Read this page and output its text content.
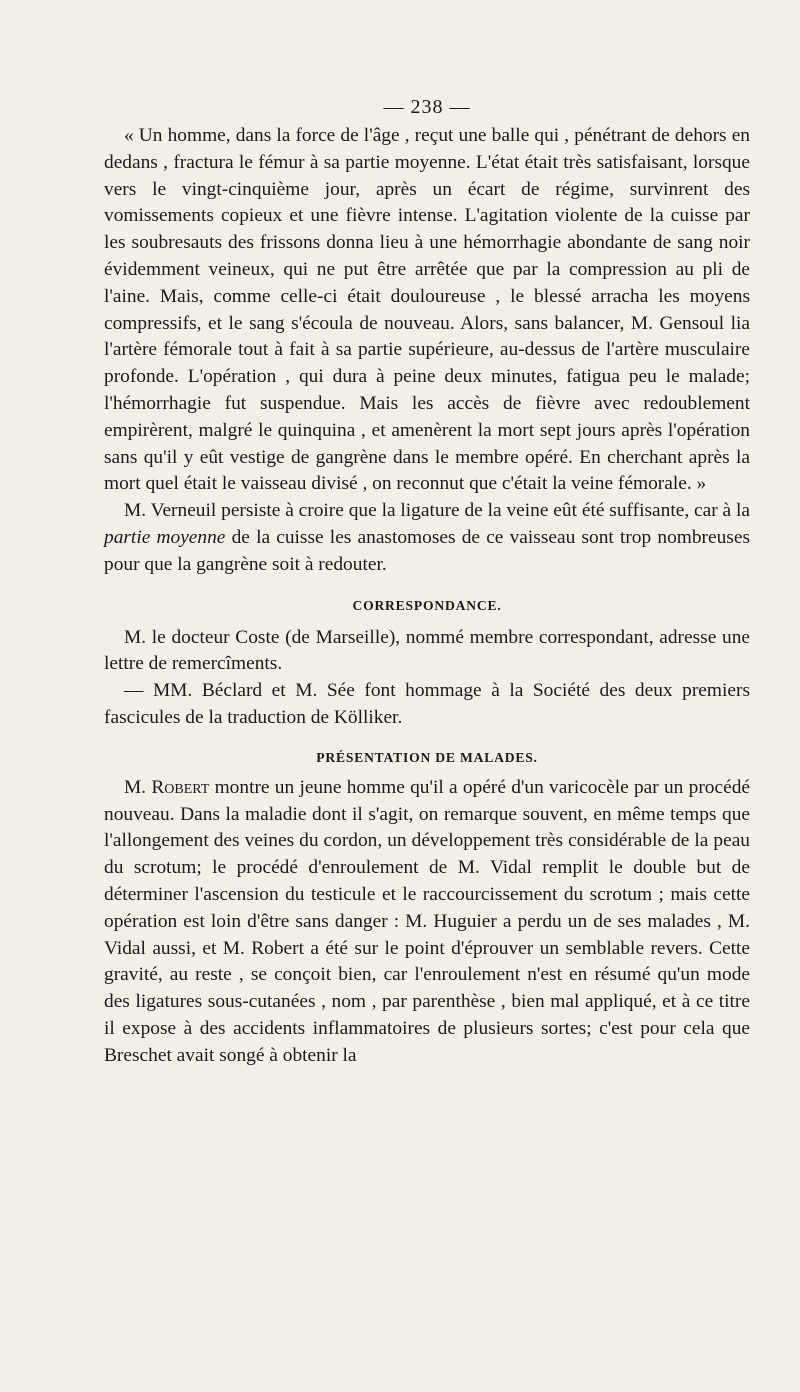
— 238 —

« Un homme, dans la force de l'âge , reçut une balle qui , pénétrant de dehors en dedans , fractura le fémur à sa partie moyenne. L'état était très satisfaisant, lorsque vers le vingt-cinquième jour, après un écart de régime, survinrent des vomissements copieux et une fièvre intense. L'agitation violente de la cuisse par les soubresauts des frissons donna lieu à une hémorrhagie abondante de sang noir évidemment veineux, qui ne put être arrêtée que par la compression au pli de l'aine. Mais, comme celle-ci était douloureuse , le blessé arracha les moyens compressifs, et le sang s'écoula de nouveau. Alors, sans balancer, M. Gensoul lia l'artère fémorale tout à fait à sa partie supérieure, au-dessus de l'artère musculaire profonde. L'opération , qui dura à peine deux minutes, fatigua peu le malade; l'hémorrhagie fut suspendue. Mais les accès de fièvre avec redoublement empirèrent, malgré le quinquina , et amenèrent la mort sept jours après l'opération sans qu'il y eût vestige de gangrène dans le membre opéré. En cherchant après la mort quel était le vaisseau divisé , on reconnut que c'était la veine fémorale. »

M. Verneuil persiste à croire que la ligature de la veine eût été suffisante, car à la partie moyenne de la cuisse les anastomoses de ce vaisseau sont trop nombreuses pour que la gangrène soit à redouter.

CORRESPONDANCE.

M. le docteur Coste (de Marseille), nommé membre correspondant, adresse une lettre de remercîments.

— MM. Béclard et M. Sée font hommage à la Société des deux premiers fascicules de la traduction de Kölliker.

PRÉSENTATION DE MALADES.

M. Robert montre un jeune homme qu'il a opéré d'un varicocèle par un procédé nouveau. Dans la maladie dont il s'agit, on remarque souvent, en même temps que l'allongement des veines du cordon, un développement très considérable de la peau du scrotum; le procédé d'enroulement de M. Vidal remplit le double but de déterminer l'ascension du testicule et le raccourcissement du scrotum ; mais cette opération est loin d'être sans danger : M. Huguier a perdu un de ses malades , M. Vidal aussi, et M. Robert a été sur le point d'éprouver un semblable revers. Cette gravité, au reste , se conçoit bien, car l'enroulement n'est en résumé qu'un mode des ligatures sous-cutanées , nom , par parenthèse , bien mal appliqué, et à ce titre il expose à des accidents inflammatoires de plusieurs sortes; c'est pour cela que Breschet avait songé à obtenir la
